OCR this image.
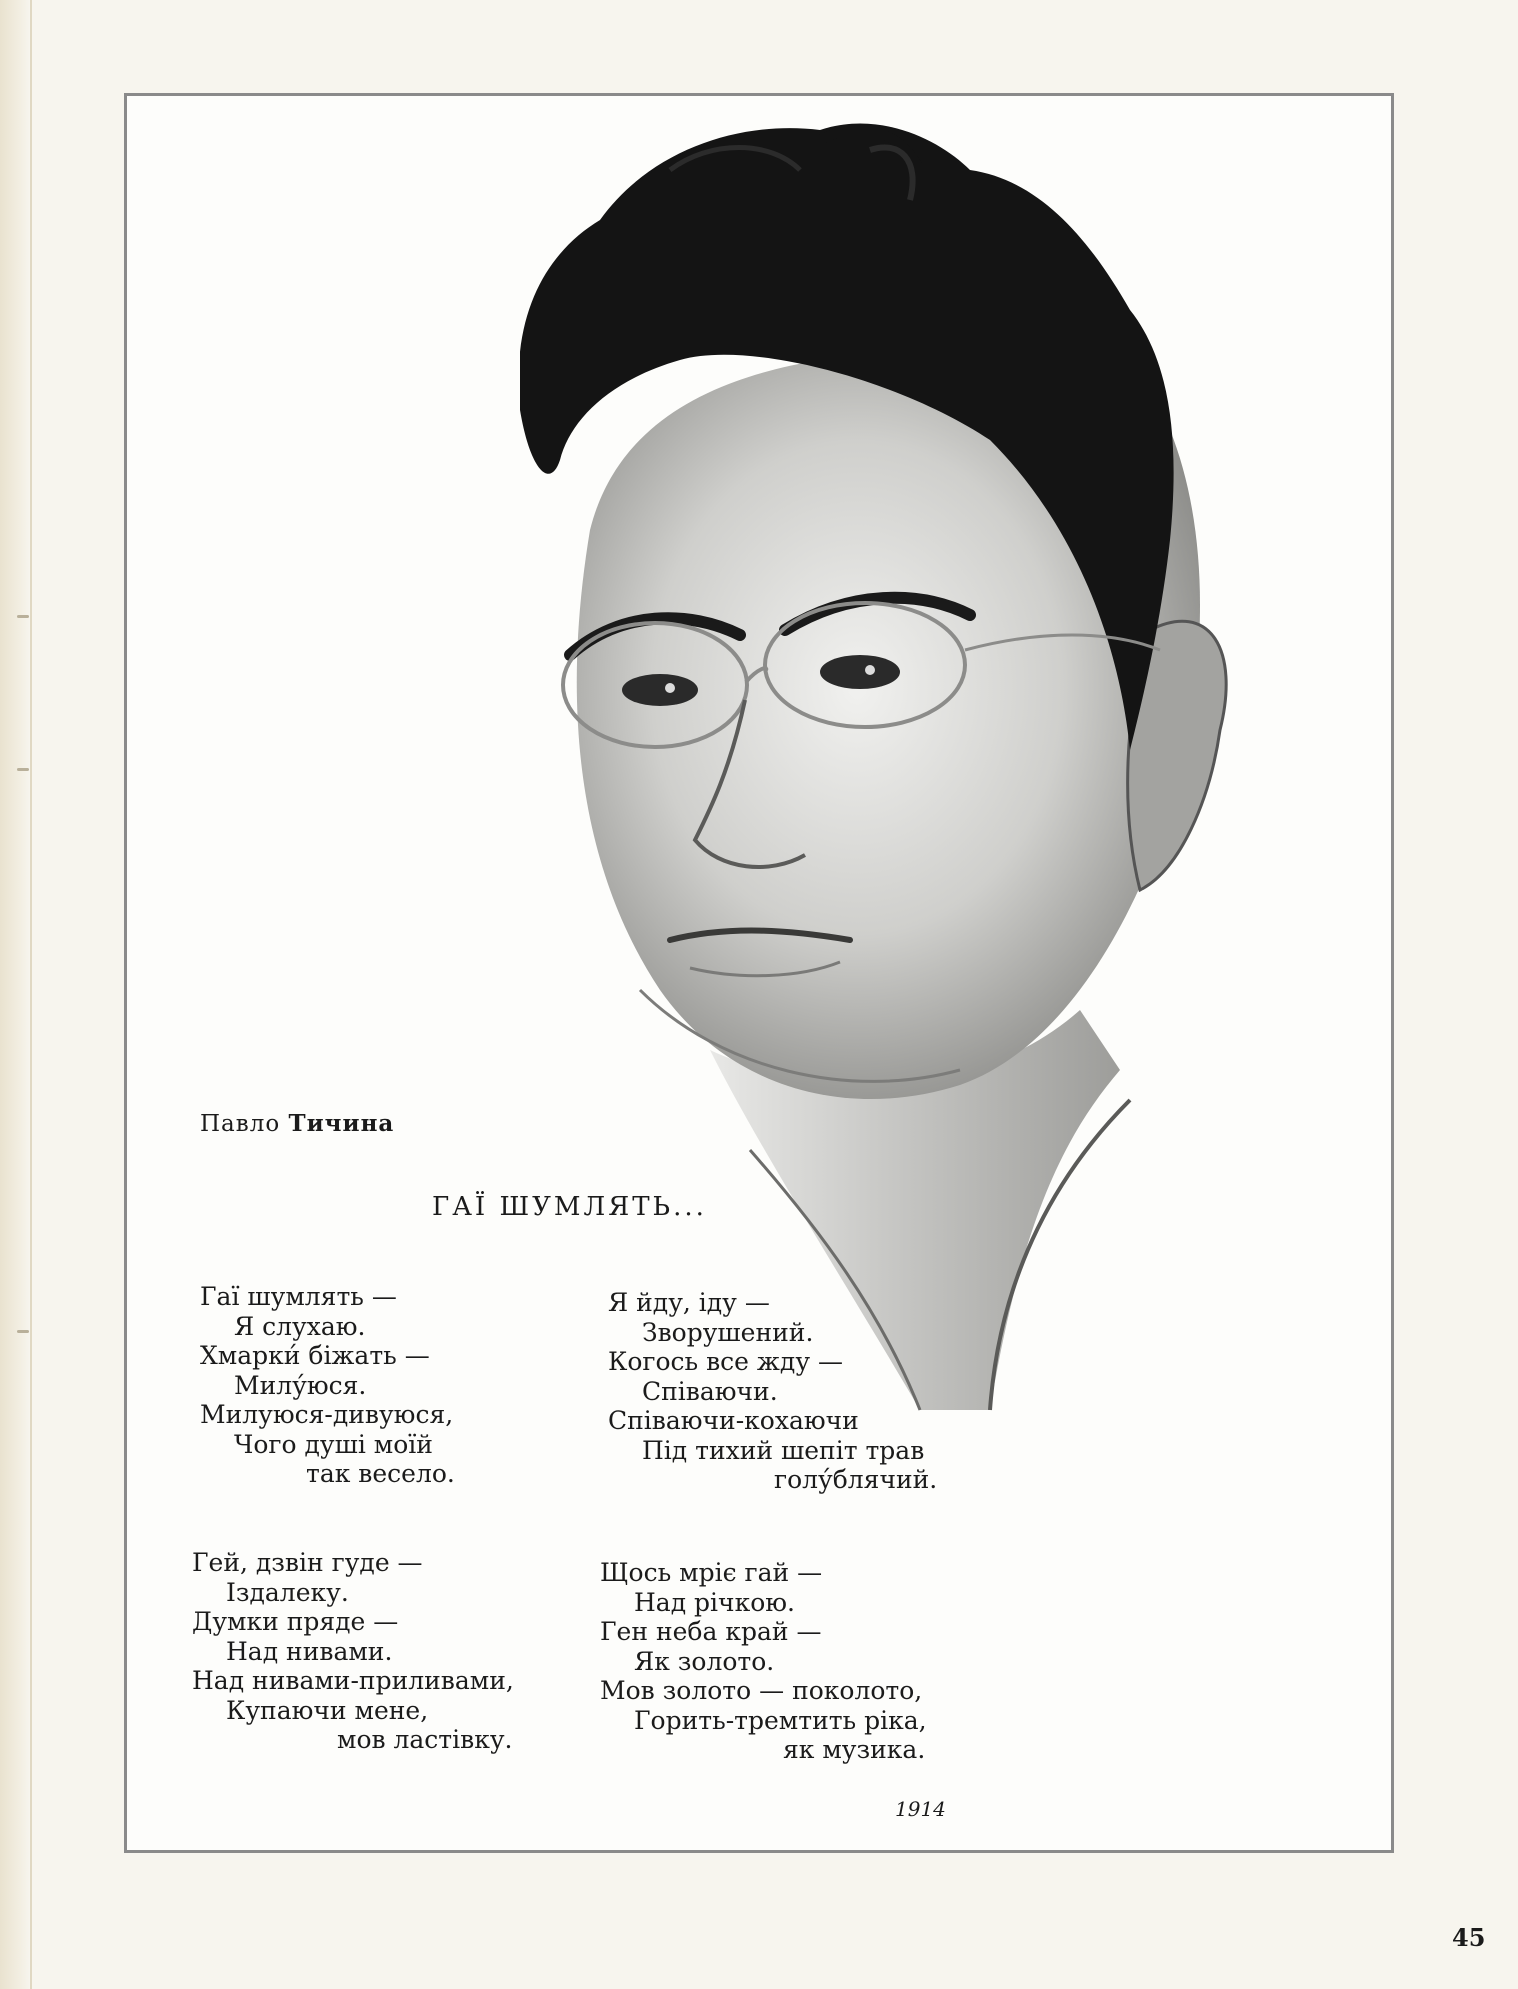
Павло Тичина
ГАЇ ШУМЛЯТЬ...
Гаї шумлять —
Я слухаю.
Хмарки́ біжать —
Милу́юся.
Милуюся-дивуюся,
Чого душі моїй
так весело.
Гей, дзвін гуде —
Іздалеку.
Думки пряде —
Над нивами.
Над нивами-приливами,
Купаючи мене,
мов ластівку.
Я йду, іду —
Зворушений.
Когось все жду —
Співаючи.
Співаючи-кохаючи
Під тихий шепіт трав
голу́блячий.
Щось мріє гай —
Над річкою.
Ген неба край —
Як золото.
Мов золото — поколото,
Горить-тремтить ріка,
як музика.
1914
45
